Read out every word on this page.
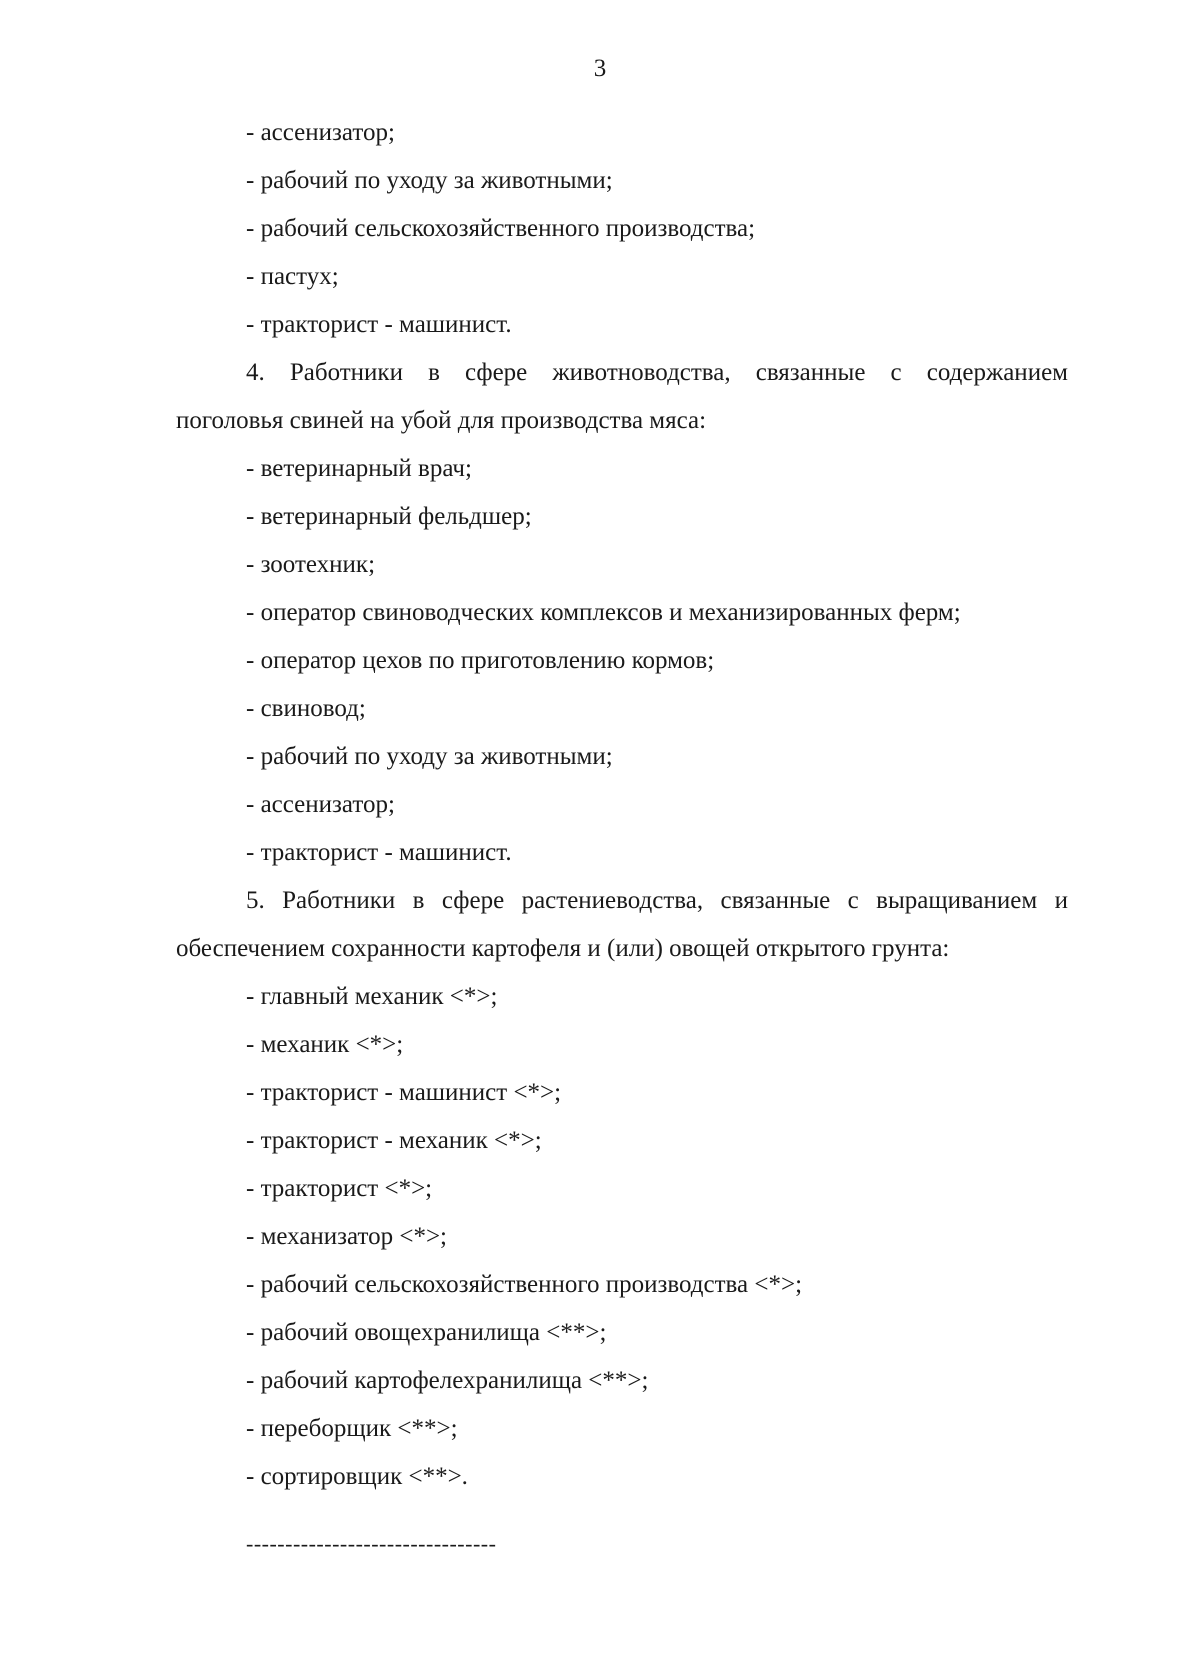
3
- ассенизатор;
- рабочий по уходу за животными;
- рабочий сельскохозяйственного производства;
- пастух;
- тракторист - машинист.
4. Работники в сфере животноводства, связанные с содержанием
поголовья свиней на убой для производства мяса:
- ветеринарный врач;
- ветеринарный фельдшер;
- зоотехник;
- оператор свиноводческих комплексов и механизированных ферм;
- оператор цехов по приготовлению кормов;
- свиновод;
- рабочий по уходу за животными;
- ассенизатор;
- тракторист - машинист.
5. Работники в сфере растениеводства, связанные с выращиванием и
обеспечением сохранности картофеля и (или) овощей открытого грунта:
- главный механик <*>;
- механик <*>;
- тракторист - машинист <*>;
- тракторист - механик <*>;
- тракторист <*>;
- механизатор <*>;
- рабочий сельскохозяйственного производства <*>;
- рабочий овощехранилища <**>;
- рабочий картофелехранилища <**>;
- переборщик <**>;
- сортировщик <**>.
--------------------------------
